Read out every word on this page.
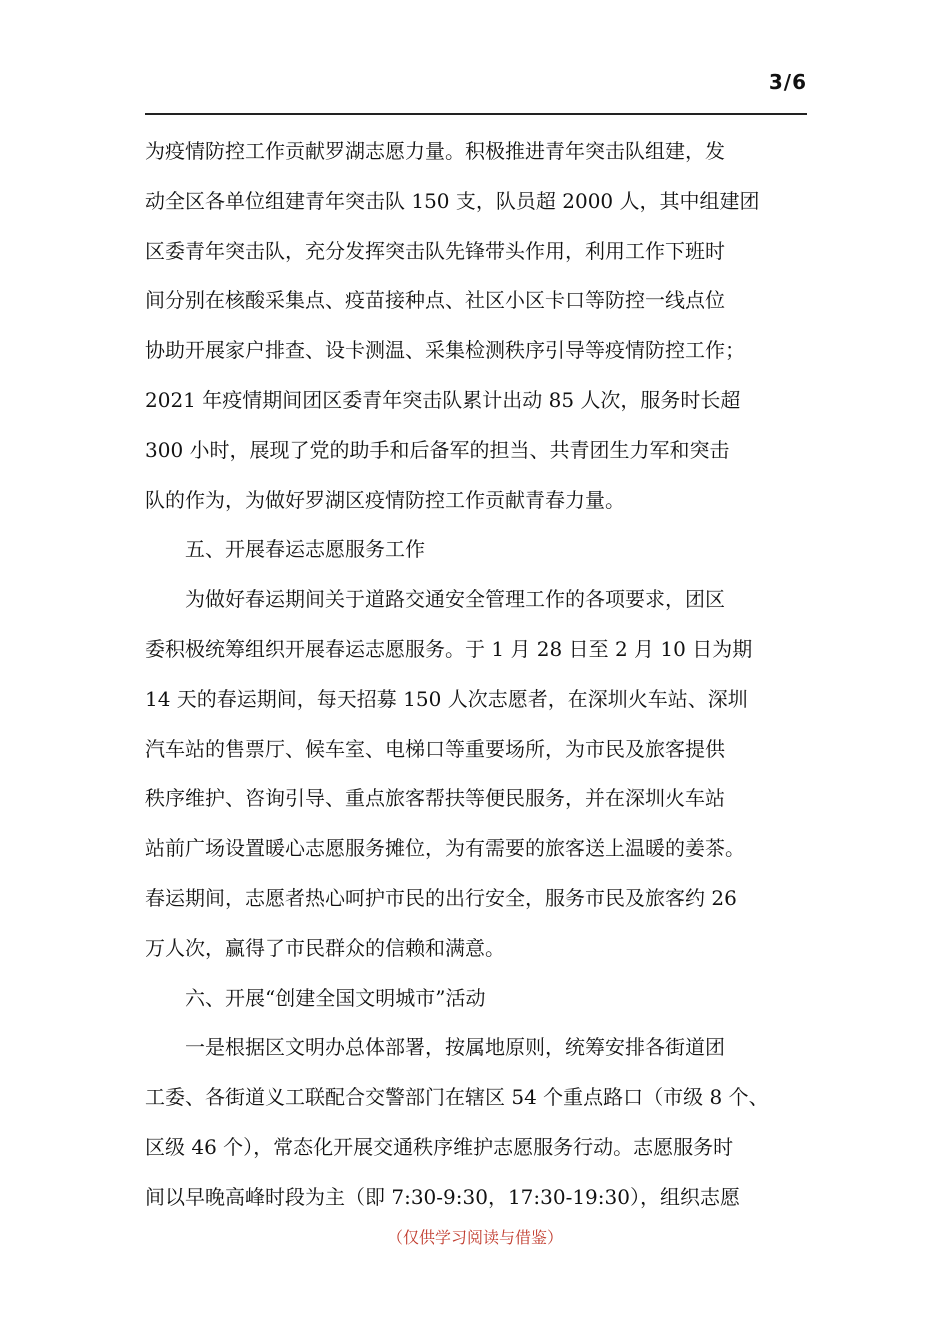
3/6
为疫情防控工作贡献罗湖志愿力量。积极推进青年突击队组建，发
动全区各单位组建青年突击队 150 支，队员超 2000 人，其中组建团
区委青年突击队，充分发挥突击队先锋带头作用，利用工作下班时
间分别在核酸采集点、疫苗接种点、社区小区卡口等防控一线点位
协助开展家户排查、设卡测温、采集检测秩序引导等疫情防控工作；
2021 年疫情期间团区委青年突击队累计出动 85 人次，服务时长超
300 小时，展现了党的助手和后备军的担当、共青团生力军和突击
队的作为，为做好罗湖区疫情防控工作贡献青春力量。
　　五、开展春运志愿服务工作
　　为做好春运期间关于道路交通安全管理工作的各项要求，团区
委积极统筹组织开展春运志愿服务。于 1 月 28 日至 2 月 10 日为期
14 天的春运期间，每天招募 150 人次志愿者，在深圳火车站、深圳
汽车站的售票厅、候车室、电梯口等重要场所，为市民及旅客提供
秩序维护、咨询引导、重点旅客帮扶等便民服务，并在深圳火车站
站前广场设置暖心志愿服务摊位，为有需要的旅客送上温暖的姜茶。
春运期间，志愿者热心呵护市民的出行安全，服务市民及旅客约 26
万人次，赢得了市民群众的信赖和满意。
　　六、开展“创建全国文明城市”活动
　　一是根据区文明办总体部署，按属地原则，统筹安排各街道团
工委、各街道义工联配合交警部门在辖区 54 个重点路口（市级 8 个、
区级 46 个），常态化开展交通秩序维护志愿服务行动。志愿服务时
间以早晚高峰时段为主（即 7:30-9:30，17:30-19:30），组织志愿
（仅供学习阅读与借鉴）
